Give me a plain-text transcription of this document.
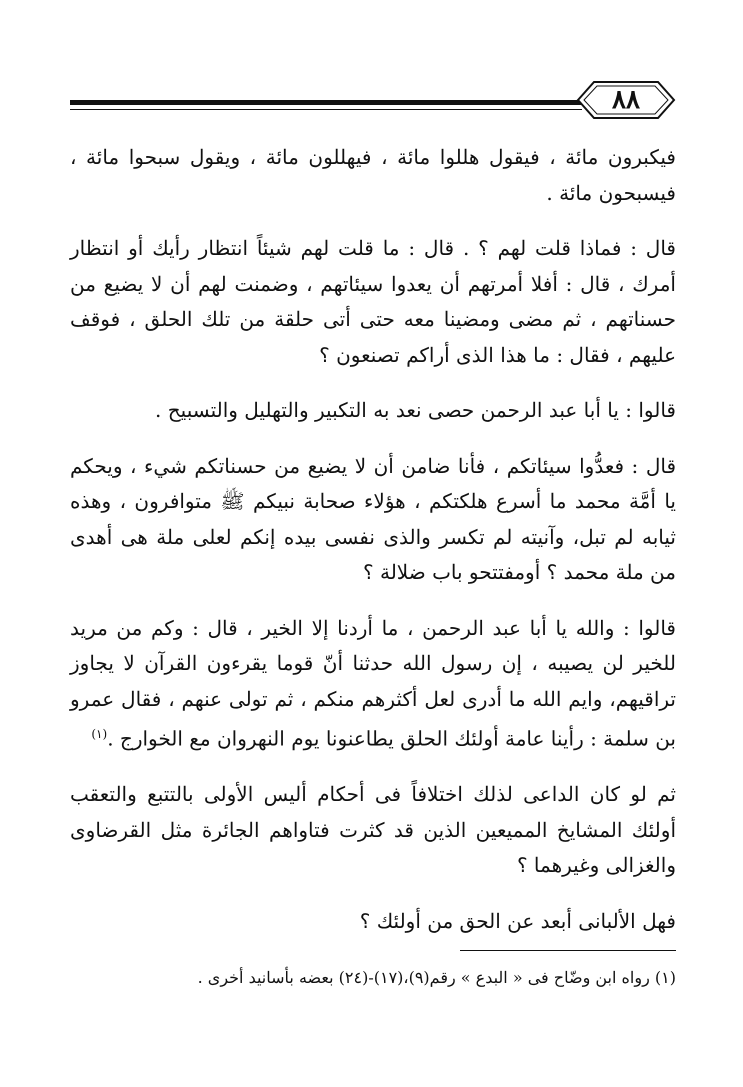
٨٨

فيكبرون مائة ، فيقول هللوا مائة ، فيهللون مائة ، ويقول سبحوا مائة ، فيسبحون مائة .

قال : فماذا قلت لهم ؟ . قال : ما قلت لهم شيئاً انتظار رأيك أو انتظار أمرك ، قال : أفلا أمرتهم أن يعدوا سيئاتهم ، وضمنت لهم أن لا يضيع من حسناتهم ، ثم مضى ومضينا معه حتى أتى حلقة من تلك الحلق ، فوقف عليهم ، فقال : ما هذا الذى أراكم تصنعون ؟

قالوا : يا أبا عبد الرحمن حصى نعد به التكبير والتهليل والتسبيح .

قال : فعدُّوا سيئاتكم ، فأنا ضامن أن لا يضيع من حسناتكم شيء ، ويحكم يا أمَّة محمد ما أسرع هلكتكم ، هؤلاء صحابة نبيكم ﷺ متوافرون ، وهذه ثيابه لم تبل، وآنيته لم تكسر والذى نفسى بيده إنكم لعلى ملة هى أهدى من ملة محمد ؟ أومفتتحو باب ضلالة ؟

قالوا : والله يا أبا عبد الرحمن ، ما أردنا إلا الخير ، قال : وكم من مريد للخير لن يصيبه ، إن رسول الله حدثنا أنّ قوما يقرءون القرآن لا يجاوز تراقيهم، وايم الله ما أدرى لعل أكثرهم منكم ، ثم تولى عنهم ، فقال عمرو بن سلمة : رأينا عامة أولئك الحلق يطاعنونا يوم النهروان مع الخوارج .$^{(١)}$

ثم لو كان الداعى لذلك اختلافاً فى أحكام أليس الأولى بالتتبع والتعقب أولئك المشايخ المميعين الذين قد كثرت فتاواهم الجائرة مثل القرضاوى والغزالى وغيرهما ؟

فهل الألبانى أبعد عن الحق من أولئك ؟

(١) رواه ابن وضّاح فى « البدع » رقم(٩)،(١٧)-(٢٤) بعضه بأسانيد أخرى .
